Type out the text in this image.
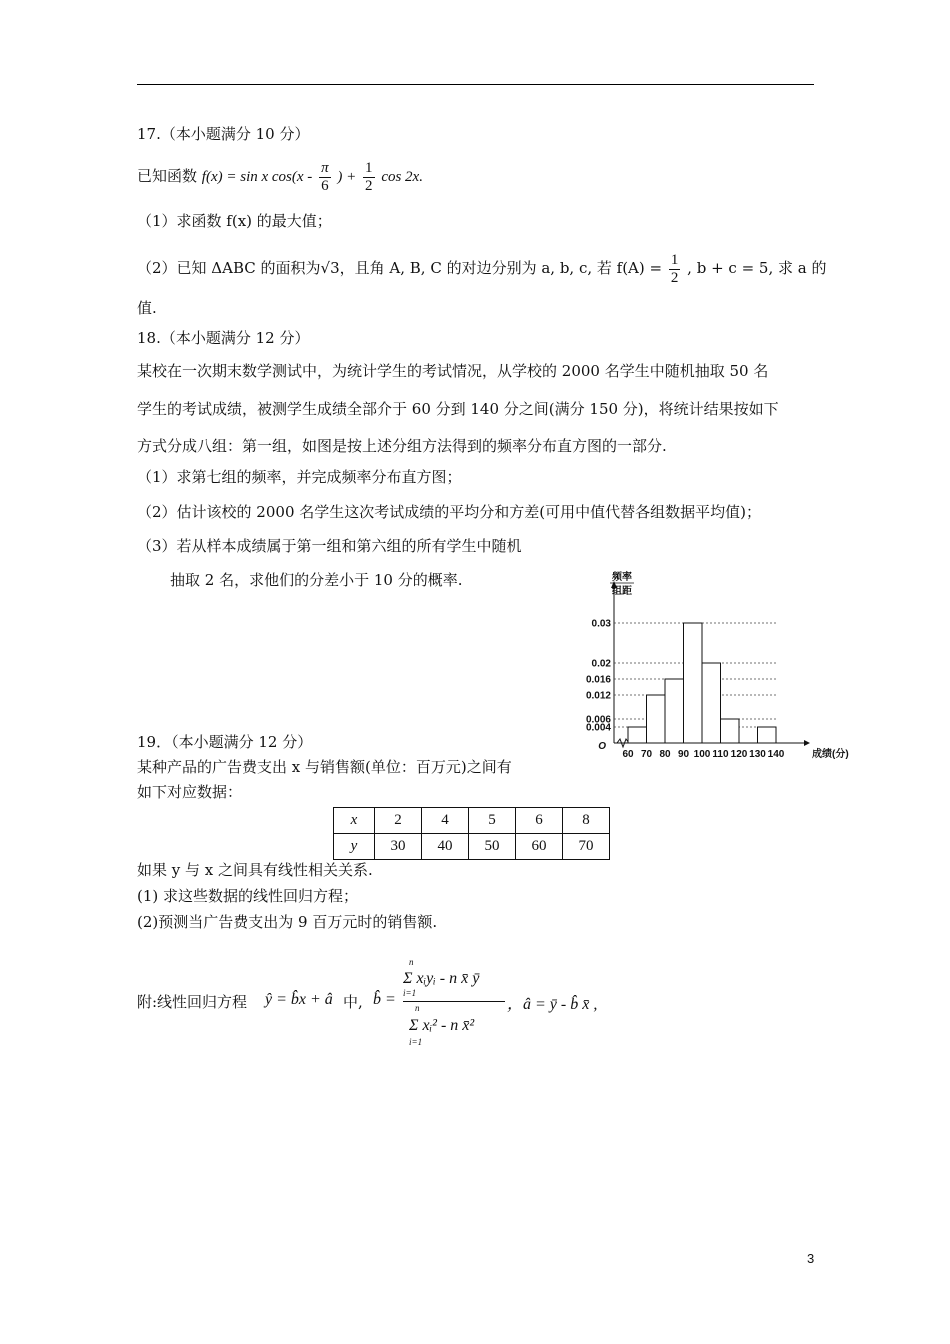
17.（本小题满分 10 分）
已知函数 f(x) = sin x $\cos(x - \frac{\pi}{6}$ ) + $\frac{1}{2}$ cos 2x.
（1）求函数 f(x) 的最大值；
（2）已知 ΔABC 的面积为√3，且角 A, B, C 的对边分别为 a, b, c, 若 $f(A) = \frac{1}{2}$ , b + c = 5, 求 a 的
值.
18.（本小题满分 12 分）
某校在一次期末数学测试中，为统计学生的考试情况，从学校的 2000 名学生中随机抽取 50 名
学生的考试成绩，被测学生成绩全部介于 60 分到 140 分之间(满分 150 分)，将统计结果按如下
方式分成八组：第一组，如图是按上述分组方法得到的频率分布直方图的一部分.
（1）求第七组的频率，并完成频率分布直方图；
（2）估计该校的 2000 名学生这次考试成绩的平均分和方差(可用中值代替各组数据平均值)；
（3）若从样本成绩属于第一组和第六组的所有学生中随机
抽取 2 名，求他们的分差小于 10 分的概率.
0.004
0.006
0.012
0.016
0.02
0.03
60 70 80 90 100 110 120 130 140
O
成绩(分)
频率
组距
19．（本小题满分 12 分）
某种产品的广告费支出 x 与销售额(单位：百万元)之间有
如下对应数据：
x	2	4	5	6	8
y	30	40	50	60	70
如果 y 与 x 之间具有线性相关关系.
(1) 求这些数据的线性回归方程；
(2)预测当广告费支出为 9 百万元时的销售额.
附:线性回归方程 ŷ = b̂x + â 中, b̂ =
n
Σ xᵢyᵢ - n x̄ ȳ
i=1
n
Σ xᵢ² - n x̄²
i=1
，â = ȳ - b̂ x̄ ,
3
